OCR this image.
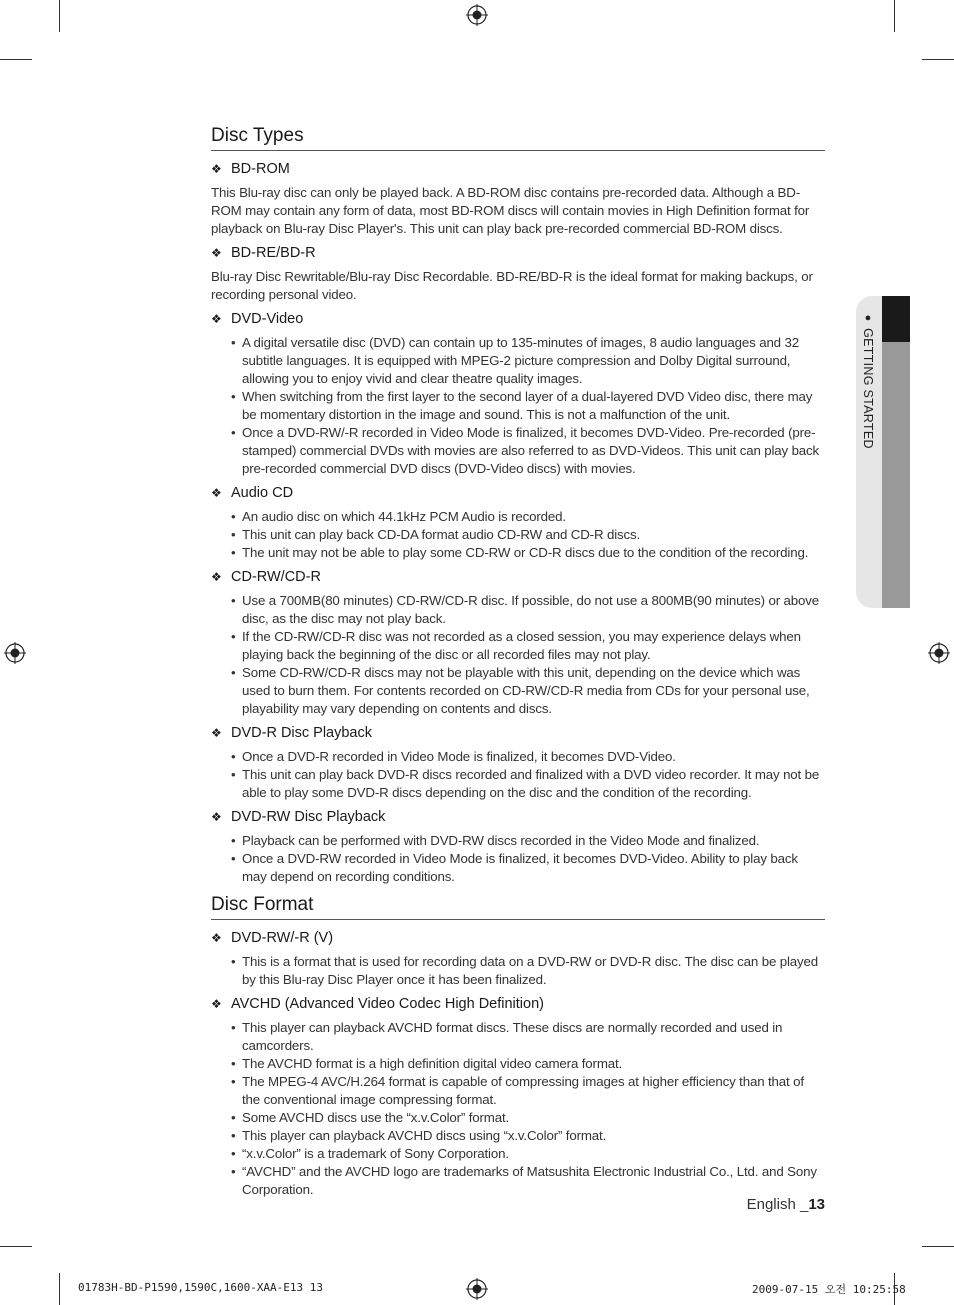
● GETTING STARTED
Disc Types
❖ BD-ROM

This Blu-ray disc can only be played back. A BD-ROM disc contains pre-recorded data. Although a BD-ROM may contain any form of data, most BD-ROM discs will contain movies in High Definition format for playback on Blu-ray Disc Player's. This unit can play back pre-recorded commercial BD-ROM discs.

❖ BD-RE/BD-R

Blu-ray Disc Rewritable/Blu-ray Disc Recordable. BD-RE/BD-R is the ideal format for making backups, or recording personal video.

❖ DVD-Video
• A digital versatile disc (DVD) can contain up to 135-minutes of images, 8 audio languages and 32 subtitle languages. It is equipped with MPEG-2 picture compression and Dolby Digital surround, allowing you to enjoy vivid and clear theatre quality images.
• When switching from the first layer to the second layer of a dual-layered DVD Video disc, there may be momentary distortion in the image and sound. This is not a malfunction of the unit.
• Once a DVD-RW/-R recorded in Video Mode is finalized, it becomes DVD-Video. Pre-recorded (pre-stamped) commercial DVDs with movies are also referred to as DVD-Videos. This unit can play back pre-recorded commercial DVD discs (DVD-Video discs) with movies.
❖ Audio CD
• An audio disc on which 44.1kHz PCM Audio is recorded.
• This unit can play back CD-DA format audio CD-RW and CD-R discs.
• The unit may not be able to play some CD-RW or CD-R discs due to the condition of the recording.
❖ CD-RW/CD-R
• Use a 700MB(80 minutes) CD-RW/CD-R disc. If possible, do not use a 800MB(90 minutes) or above disc, as the disc may not play back.
• If the CD-RW/CD-R disc was not recorded as a closed session, you may experience delays when playing back the beginning of the disc or all recorded files may not play.
• Some CD-RW/CD-R discs may not be playable with this unit, depending on the device which was used to burn them. For contents recorded on CD-RW/CD-R media from CDs for your personal use, playability may vary depending on contents and discs.
❖ DVD-R Disc Playback
• Once a DVD-R recorded in Video Mode is finalized, it becomes DVD-Video.
• This unit can play back DVD-R discs recorded and finalized with a DVD video recorder. It may not be able to play some DVD-R discs depending on the disc and the condition of the recording.
❖ DVD-RW Disc Playback
• Playback can be performed with DVD-RW discs recorded in the Video Mode and finalized.
• Once a DVD-RW recorded in Video Mode is finalized, it becomes DVD-Video. Ability to play back may depend on recording conditions.
Disc Format
❖ DVD-RW/-R (V)
• This is a format that is used for recording data on a DVD-RW or DVD-R disc. The disc can be played by this Blu-ray Disc Player once it has been finalized.
❖ AVCHD (Advanced Video Codec High Definition)
• This player can playback AVCHD format discs. These discs are normally recorded and used in camcorders.
• The AVCHD format is a high definition digital video camera format.
• The MPEG-4 AVC/H.264 format is capable of compressing images at higher efficiency than that of the conventional image compressing format.
• Some AVCHD discs use the “x.v.Color” format.
• This player can playback AVCHD discs using “x.v.Color” format.
• “x.v.Color” is a trademark of Sony Corporation.
• “AVCHD” and the AVCHD logo are trademarks of Matsushita Electronic Industrial Co., Ltd. and Sony Corporation.
English _13
01783H-BD-P1590,1590C,1600-XAA-E13 13	2009-07-15 오전 10:25:58
